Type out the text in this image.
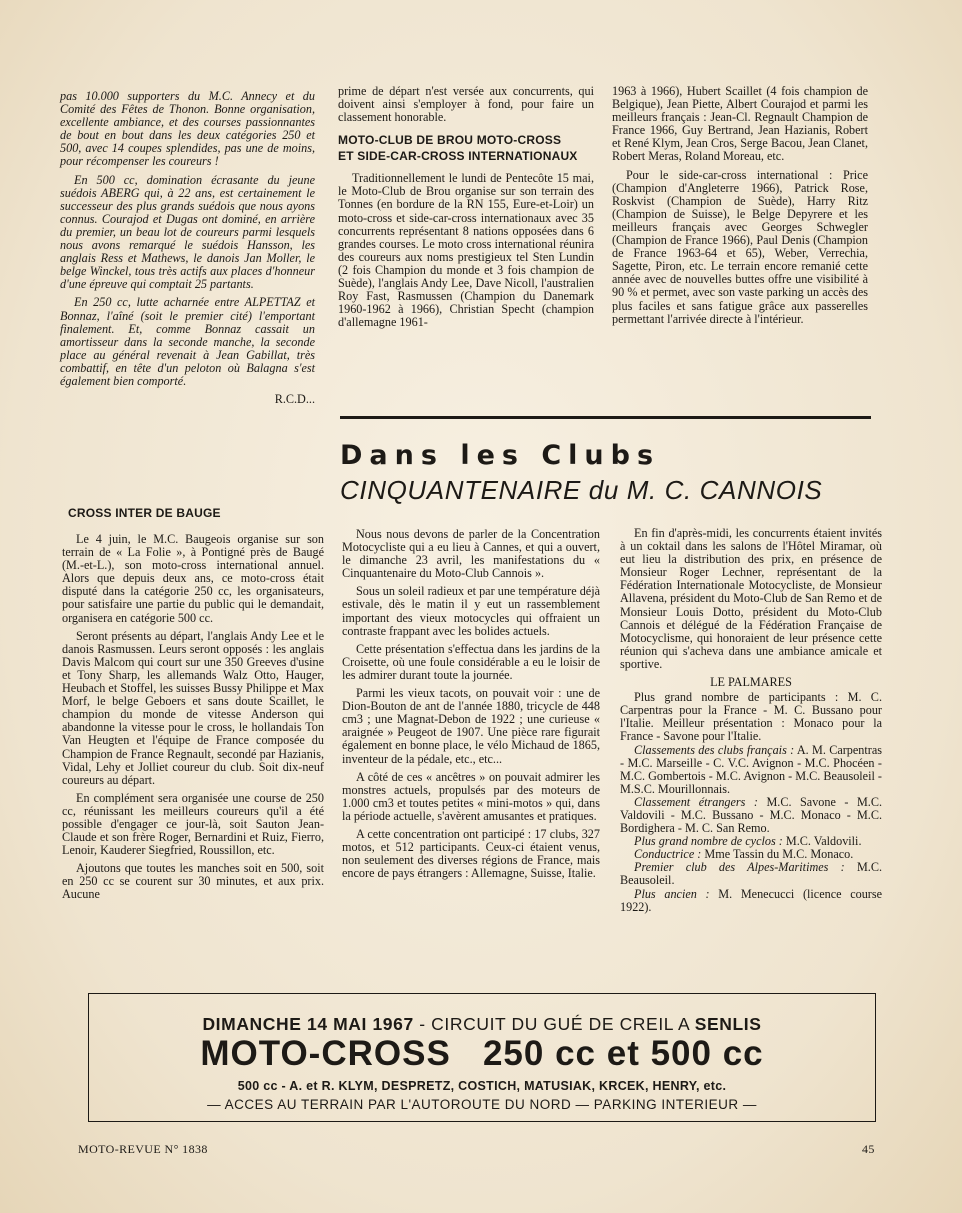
pas 10.000 supporters du M.C. Annecy et du Comité des Fêtes de Thonon. Bonne organisation, excellente ambiance, et des courses passionnantes de bout en bout dans les deux catégories 250 et 500, avec 14 coupes splendides, pas une de moins, pour récompenser les coureurs !

En 500 cc, domination écrasante du jeune suédois ABERG qui, à 22 ans, est certainement le successeur des plus grands suédois que nous ayons connus. Courajod et Dugas ont dominé, en arrière du premier, un beau lot de coureurs parmi lesquels nous avons remarqué le suédois Hansson, les anglais Ress et Mathews, le danois Jan Moller, le belge Winckel, tous très actifs aux places d'honneur d'une épreuve qui comptait 25 partants.

En 250 cc, lutte acharnée entre ALPETTAZ et Bonnaz, l'aîné (soit le premier cité) l'emportant finalement. Et, comme Bonnaz cassait un amortisseur dans la seconde manche, la seconde place au général revenait à Jean Gabillat, très combattif, en tête d'un peloton où Balagna s'est également bien comporté.

R.C.D...

prime de départ n'est versée aux concurrents, qui doivent ainsi s'employer à fond, pour faire un classement honorable.

MOTO-CLUB DE BROU MOTO-CROSS ET SIDE-CAR-CROSS INTERNATIONAUX

Traditionnellement le lundi de Pentecôte 15 mai, le Moto-Club de Brou organise sur son terrain des Tonnes (en bordure de la RN 155, Eure-et-Loir) un moto-cross et side-car-cross internationaux avec 35 concurrents représentant 8 nations opposées dans 6 grandes courses. Le moto cross international réunira des coureurs aux noms prestigieux tel Sten Lundin (2 fois Champion du monde et 3 fois champion de Suède), l'anglais Andy Lee, Dave Nicoll, l'australien Roy Fast, Rasmussen (Champion du Danemark 1960-1962 à 1966), Christian Specht (champion d'allemagne 1961-

1963 à 1966), Hubert Scaillet (4 fois champion de Belgique), Jean Piette, Albert Courajod et parmi les meilleurs français : Jean-Cl. Regnault Champion de France 1966, Guy Bertrand, Jean Hazianis, Robert et René Klym, Jean Cros, Serge Bacou, Jean Clanet, Robert Meras, Roland Moreau, etc.

Pour le side-car-cross international : Price (Champion d'Angleterre 1966), Patrick Rose, Roskvist (Champion de Suède), Harry Ritz (Champion de Suisse), le Belge Depyrere et les meilleurs français avec Georges Schwegler (Champion de France 1966), Paul Denis (Champion de France 1963-64 et 65), Weber, Verrechia, Sagette, Piron, etc. Le terrain encore remanié cette année avec de nouvelles buttes offre une visibilité à 90 % et permet, avec son vaste parking un accès des plus faciles et sans fatigue grâce aux passerelles permettant l'arrivée directe à l'intérieur.

Dans les Clubs
CINQUANTENAIRE du M. C. CANNOIS
CROSS INTER DE BAUGE

Le 4 juin, le M.C. Baugeois organise sur son terrain de « La Folie », à Pontigné près de Baugé (M.-et-L.), son moto-cross international annuel. Alors que depuis deux ans, ce moto-cross était disputé dans la catégorie 250 cc, les organisateurs, pour satisfaire une partie du public qui le demandait, organisera en catégorie 500 cc.

Seront présents au départ, l'anglais Andy Lee et le danois Rasmussen. Leurs seront opposés : les anglais Davis Malcom qui court sur une 350 Greeves d'usine et Tony Sharp, les allemands Walz Otto, Hauger, Heubach et Stoffel, les suisses Bussy Philippe et Max Morf, le belge Geboers et sans doute Scaillet, le champion du monde de vitesse Anderson qui abandonne la vitesse pour le cross, le hollandais Ton Van Heugten et l'équipe de France composée du Champion de France Regnault, secondé par Hazianis, Vidal, Lehy et Jolliet coureur du club. Soit dix-neuf coureurs au départ.

En complément sera organisée une course de 250 cc, réunissant les meilleurs coureurs qu'il a été possible d'engager ce jour-là, soit Sauton Jean-Claude et son frère Roger, Bernardini et Ruiz, Fierro, Lenoir, Kauderer Siegfried, Roussillon, etc.

Ajoutons que toutes les manches soit en 500, soit en 250 cc se courent sur 30 minutes, et aux prix. Aucune

Nous nous devons de parler de la Concentration Motocycliste qui a eu lieu à Cannes, et qui a ouvert, le dimanche 23 avril, les manifestations du « Cinquantenaire du Moto-Club Cannois ».

Sous un soleil radieux et par une température déjà estivale, dès le matin il y eut un rassemblement important des vieux motocycles qui offraient un contraste frappant avec les bolides actuels.

Cette présentation s'effectua dans les jardins de la Croisette, où une foule considérable a eu le loisir de les admirer durant toute la journée.

Parmi les vieux tacots, on pouvait voir : une de Dion-Bouton de ant de l'année 1880, tricycle de 448 cm3 ; une Magnat-Debon de 1922 ; une curieuse « araignée » Peugeot de 1907. Une pièce rare figurait également en bonne place, le vélo Michaud de 1865, inventeur de la pédale, etc., etc...

A côté de ces « ancêtres » on pouvait admirer les monstres actuels, propulsés par des moteurs de 1.000 cm3 et toutes petites « mini-motos » qui, dans la période actuelle, s'avèrent amusantes et pratiques.

A cette concentration ont participé : 17 clubs, 327 motos, et 512 participants. Ceux-ci étaient venus, non seulement des diverses régions de France, mais encore de pays étrangers : Allemagne, Suisse, Italie.

En fin d'après-midi, les concurrents étaient invités à un coktail dans les salons de l'Hôtel Miramar, où eut lieu la distribution des prix, en présence de Monsieur Roger Lechner, représentant de la Fédération Internationale Motocycliste, de Monsieur Allavena, président du Moto-Club de San Remo et de Monsieur Louis Dotto, président du Moto-Club Cannois et délégué de la Fédération Française de Motocyclisme, qui honoraient de leur présence cette réunion qui s'acheva dans une ambiance amicale et sportive.

LE PALMARES

Plus grand nombre de participants : M. C. Carpentras pour la France - M. C. Bussano pour l'Italie. Meilleur présentation : Monaco pour la France - Savone pour l'Italie.

Classements des clubs français : A. M. Carpentras - M.C. Marseille - C. V.C. Avignon - M.C. Phocéen - M.C. Gombertois - M.C. Avignon - M.C. Beausoleil - M.S.C. Mourillonnais.

Classement étrangers : M.C. Savone - M.C. Valdovili - M.C. Bussano - M.C. Monaco - M.C. Bordighera - M. C. San Remo.

Plus grand nombre de cyclos : M.C. Valdovili.

Conductrice : Mme Tassin du M.C. Monaco.

Premier club des Alpes-Maritimes : M.C. Beausoleil.

Plus ancien : M. Menecucci (licence course 1922).

DIMANCHE 14 MAI 1967 - CIRCUIT DU GUÉ DE CREIL A SENLIS
MOTO-CROSS   250 cc et 500 cc
500 cc - A. et R. KLYM, DESPRETZ, COSTICH, MATUSIAK, KRCEK, HENRY, etc.
— ACCES AU TERRAIN PAR L'AUTOROUTE DU NORD — PARKING INTERIEUR —
MOTO-REVUE N° 1838	45
